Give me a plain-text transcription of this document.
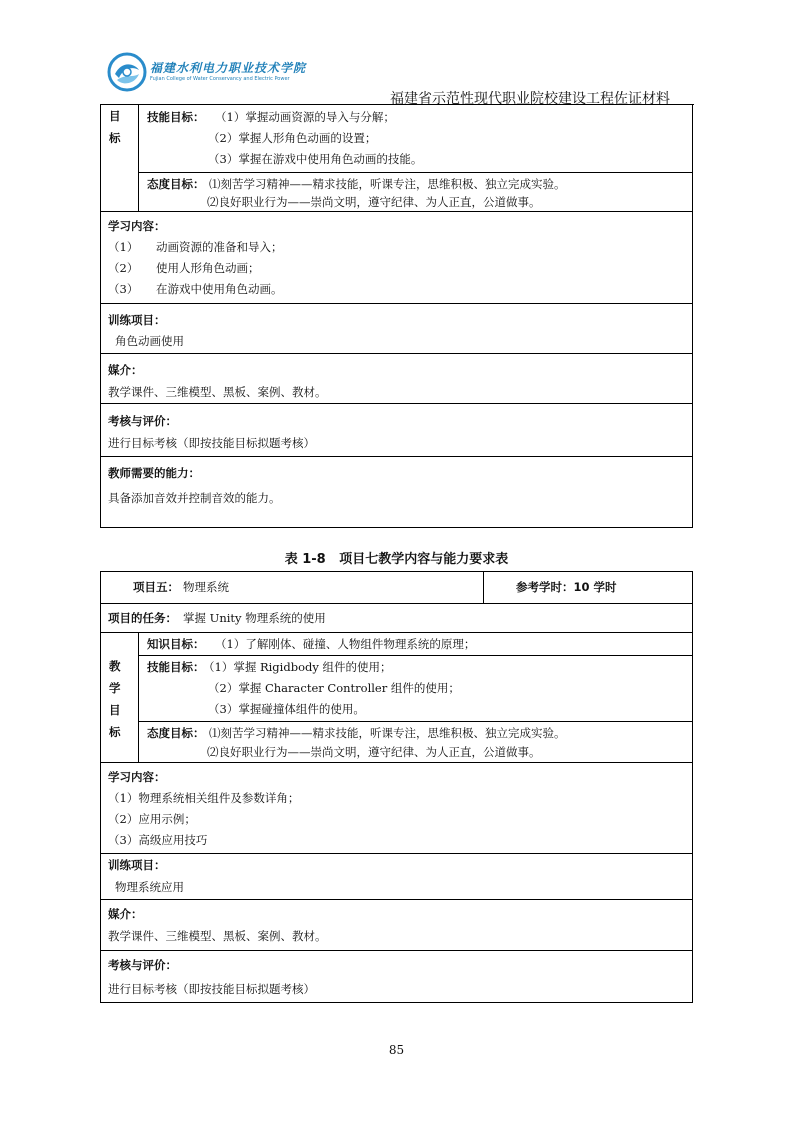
福建水利电力职业技术学院
Fujian College of Water Conservancy and Electric Power
福建省示范性现代职业院校建设工程佐证材料
目
标
技能目标： （1）掌握动画资源的导入与分解；
（2）掌握人形角色动画的设置；
（3）掌握在游戏中使用角色动画的技能。
态度目标： ⑴刻苦学习精神——精求技能，听课专注，思维积极、独立完成实验。
⑵良好职业行为——崇尚文明，遵守纪律、为人正直，公道做事。
学习内容：
（1） 动画资源的准备和导入；
（2） 使用人形角色动画；
（3） 在游戏中使用角色动画。
训练项目：
角色动画使用
媒介：
教学课件、三维模型、黑板、案例、教材。
考核与评价：
进行目标考核（即按技能目标拟题考核）
教师需要的能力：
具备添加音效并控制音效的能力。
表 1-8   项目七教学内容与能力要求表
项目五： 物理系统	参考学时：10 学时
项目的任务： 掌握 Unity 物理系统的使用
教
学
目
标
知识目标： （1）了解刚体、碰撞、人物组件物理系统的原理；
技能目标：
（1）掌握 Rigidbody 组件的使用；
（2）掌握 Character Controller 组件的使用；
（3）掌握碰撞体组件的使用。
态度目标： ⑴刻苦学习精神——精求技能，听课专注，思维积极、独立完成实验。
⑵良好职业行为——崇尚文明，遵守纪律、为人正直，公道做事。
学习内容：
（1）物理系统相关组件及参数详角；
（2）应用示例；
（3）高级应用技巧
训练项目：
物理系统应用
媒介：
教学课件、三维模型、黑板、案例、教材。
考核与评价：
进行目标考核（即按技能目标拟题考核）
85
